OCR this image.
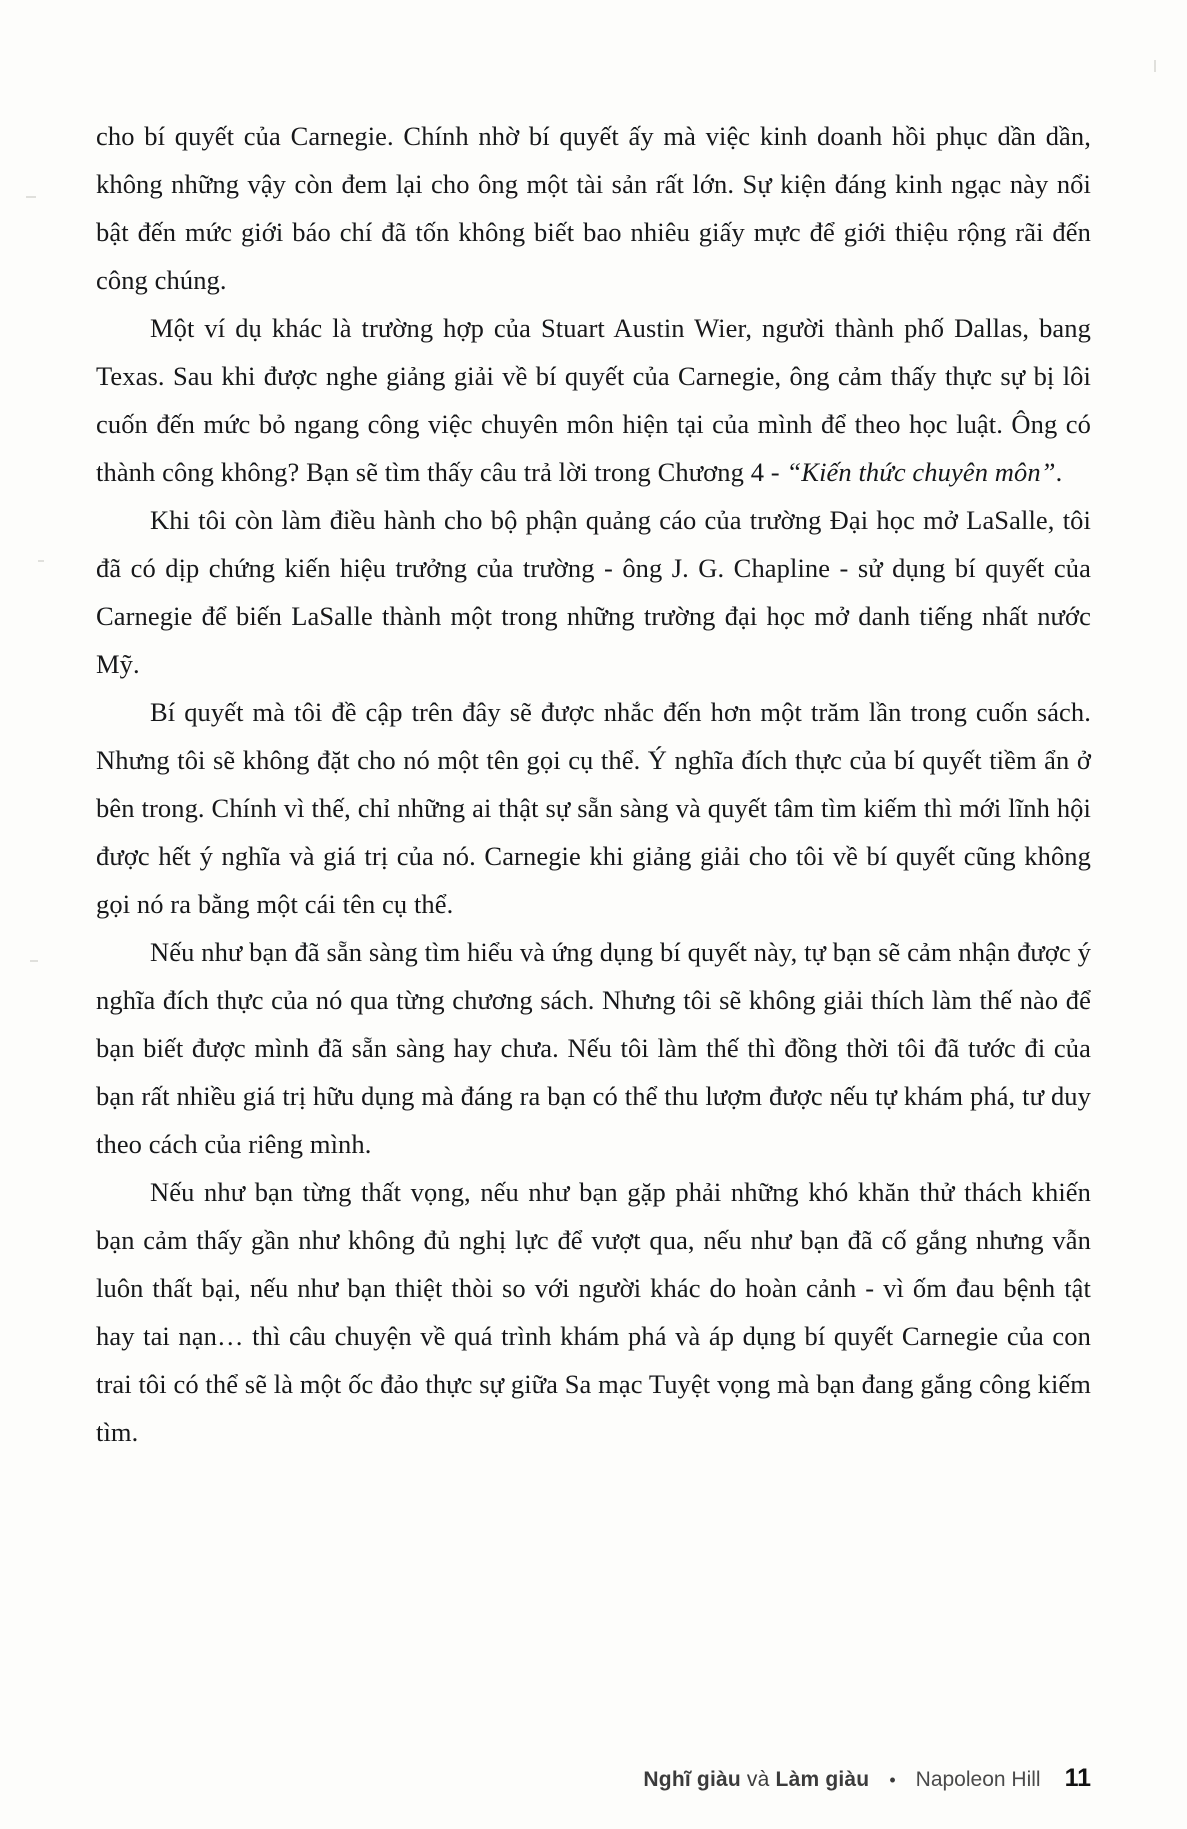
cho bí quyết của Carnegie. Chính nhờ bí quyết ấy mà việc kinh doanh hồi phục dần dần, không những vậy còn đem lại cho ông một tài sản rất lớn. Sự kiện đáng kinh ngạc này nổi bật đến mức giới báo chí đã tốn không biết bao nhiêu giấy mực để giới thiệu rộng rãi đến công chúng.

Một ví dụ khác là trường hợp của Stuart Austin Wier, người thành phố Dallas, bang Texas. Sau khi được nghe giảng giải về bí quyết của Carnegie, ông cảm thấy thực sự bị lôi cuốn đến mức bỏ ngang công việc chuyên môn hiện tại của mình để theo học luật. Ông có thành công không? Bạn sẽ tìm thấy câu trả lời trong Chương 4 - “Kiến thức chuyên môn”.

Khi tôi còn làm điều hành cho bộ phận quảng cáo của trường Đại học mở LaSalle, tôi đã có dịp chứng kiến hiệu trưởng của trường - ông J. G. Chapline - sử dụng bí quyết của Carnegie để biến LaSalle thành một trong những trường đại học mở danh tiếng nhất nước Mỹ.

Bí quyết mà tôi đề cập trên đây sẽ được nhắc đến hơn một trăm lần trong cuốn sách. Nhưng tôi sẽ không đặt cho nó một tên gọi cụ thể. Ý nghĩa đích thực của bí quyết tiềm ẩn ở bên trong. Chính vì thế, chỉ những ai thật sự sẵn sàng và quyết tâm tìm kiếm thì mới lĩnh hội được hết ý nghĩa và giá trị của nó. Carnegie khi giảng giải cho tôi về bí quyết cũng không gọi nó ra bằng một cái tên cụ thể.

Nếu như bạn đã sẵn sàng tìm hiểu và ứng dụng bí quyết này, tự bạn sẽ cảm nhận được ý nghĩa đích thực của nó qua từng chương sách. Nhưng tôi sẽ không giải thích làm thế nào để bạn biết được mình đã sẵn sàng hay chưa. Nếu tôi làm thế thì đồng thời tôi đã tước đi của bạn rất nhiều giá trị hữu dụng mà đáng ra bạn có thể thu lượm được nếu tự khám phá, tư duy theo cách của riêng mình.

Nếu như bạn từng thất vọng, nếu như bạn gặp phải những khó khăn thử thách khiến bạn cảm thấy gần như không đủ nghị lực để vượt qua, nếu như bạn đã cố gắng nhưng vẫn luôn thất bại, nếu như bạn thiệt thòi so với người khác do hoàn cảnh - vì ốm đau bệnh tật hay tai nạn… thì câu chuyện về quá trình khám phá và áp dụng bí quyết Carnegie của con trai tôi có thể sẽ là một ốc đảo thực sự giữa Sa mạc Tuyệt vọng mà bạn đang gắng công kiếm tìm.

Nghĩ giàu và Làm giàu • Napoleon Hill 11
